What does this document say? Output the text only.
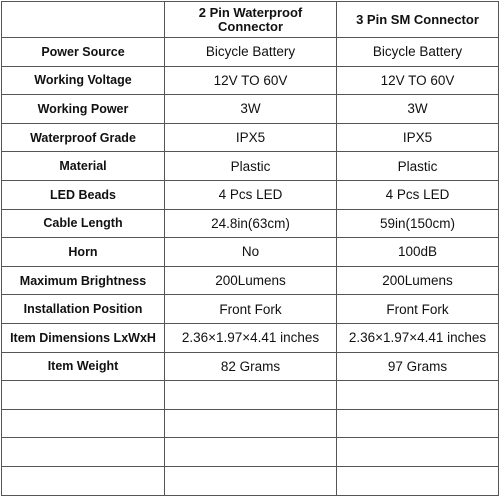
	2 Pin Waterproof Connector	3 Pin SM Connector
Power Source	Bicycle Battery	Bicycle Battery
Working Voltage	12V TO 60V	12V TO 60V
Working Power	3W	3W
Waterproof Grade	IPX5	IPX5
Material	Plastic	Plastic
LED Beads	4 Pcs LED	4 Pcs LED
Cable Length	24.8in(63cm)	59in(150cm)
Horn	No	100dB
Maximum Brightness	200Lumens	200Lumens
Installation Position	Front Fork	Front Fork
Item Dimensions LxWxH	2.36×1.97×4.41 inches	2.36×1.97×4.41 inches
Item Weight	82 Grams	97 Grams
